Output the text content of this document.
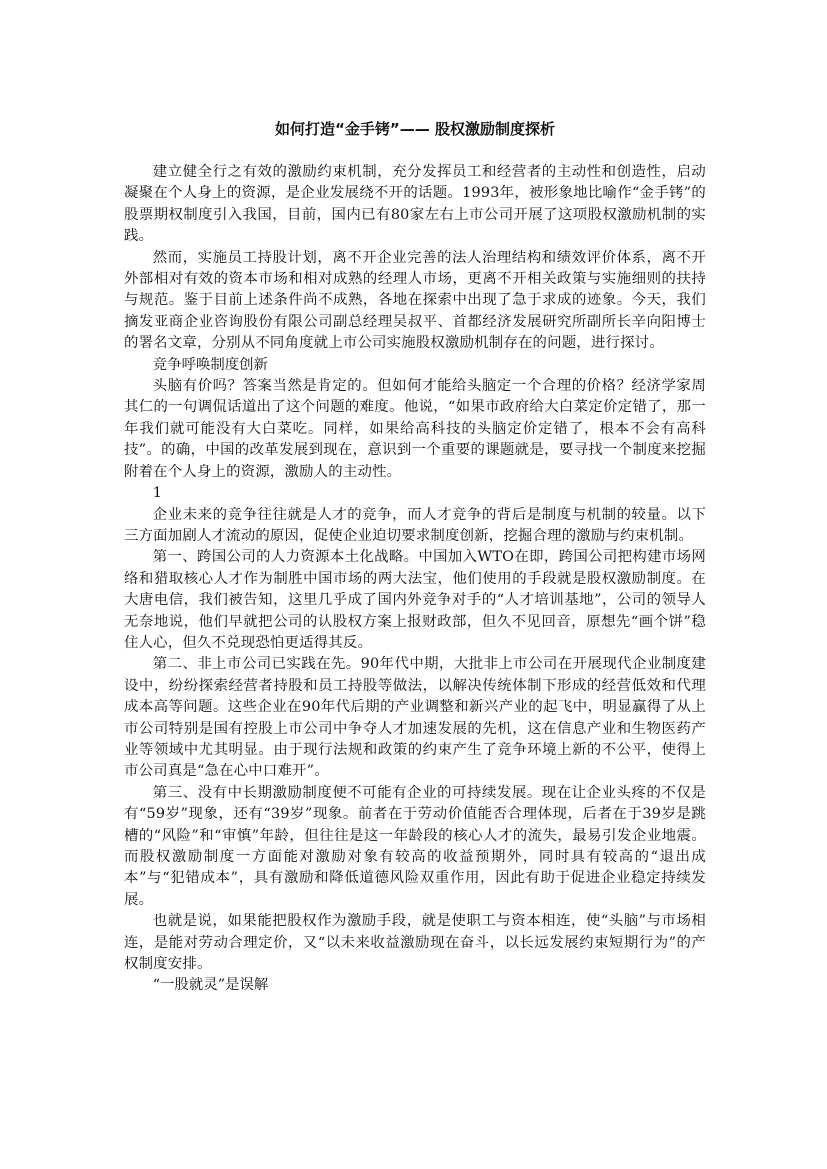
如何打造“金手铐”—— 股权激励制度探析

建立健全行之有效的激励约束机制，充分发挥员工和经营者的主动性和创造性，启动凝聚在个人身上的资源，是企业发展绕不开的话题。1993年，被形象地比喻作“金手铐”的股票期权制度引入我国，目前，国内已有80家左右上市公司开展了这项股权激励机制的实践。

然而，实施员工持股计划，离不开企业完善的法人治理结构和绩效评价体系，离不开外部相对有效的资本市场和相对成熟的经理人市场，更离不开相关政策与实施细则的扶持与规范。鉴于目前上述条件尚不成熟，各地在探索中出现了急于求成的迹象。今天，我们摘发亚商企业咨询股份有限公司副总经理吴叔平、首都经济发展研究所副所长辛向阳博士的署名文章，分别从不同角度就上市公司实施股权激励机制存在的问题，进行探讨。

竞争呼唤制度创新

头脑有价吗？答案当然是肯定的。但如何才能给头脑定一个合理的价格？经济学家周其仁的一句调侃话道出了这个问题的难度。他说，“如果市政府给大白菜定价定错了，那一年我们就可能没有大白菜吃。同样，如果给高科技的头脑定价定错了，根本不会有高科技”。的确，中国的改革发展到现在，意识到一个重要的课题就是，要寻找一个制度来挖掘附着在个人身上的资源，激励人的主动性。

1

企业未来的竞争往往就是人才的竞争，而人才竞争的背后是制度与机制的较量。以下三方面加剧人才流动的原因，促使企业迫切要求制度创新，挖掘合理的激励与约束机制。

第一、跨国公司的人力资源本土化战略。中国加入WTO在即，跨国公司把构建市场网络和猎取核心人才作为制胜中国市场的两大法宝，他们使用的手段就是股权激励制度。在大唐电信，我们被告知，这里几乎成了国内外竞争对手的“人才培训基地”，公司的领导人无奈地说，他们早就把公司的认股权方案上报财政部，但久不见回音，原想先“画个饼”稳住人心，但久不兑现恐怕更适得其反。

第二、非上市公司已实践在先。90年代中期，大批非上市公司在开展现代企业制度建设中，纷纷探索经营者持股和员工持股等做法，以解决传统体制下形成的经营低效和代理成本高等问题。这些企业在90年代后期的产业调整和新兴产业的起飞中，明显赢得了从上市公司特别是国有控股上市公司中争夺人才加速发展的先机，这在信息产业和生物医药产业等领域中尤其明显。由于现行法规和政策的约束产生了竞争环境上新的不公平，使得上市公司真是“急在心中口难开”。

第三、没有中长期激励制度便不可能有企业的可持续发展。现在让企业头疼的不仅是有“59岁”现象，还有“39岁”现象。前者在于劳动价值能否合理体现，后者在于39岁是跳槽的“风险”和“审慎”年龄，但往往是这一年龄段的核心人才的流失，最易引发企业地震。而股权激励制度一方面能对激励对象有较高的收益预期外，同时具有较高的“退出成本”与“犯错成本”，具有激励和降低道德风险双重作用，因此有助于促进企业稳定持续发展。

也就是说，如果能把股权作为激励手段，就是使职工与资本相连，使“头脑”与市场相连，是能对劳动合理定价，又“以未来收益激励现在奋斗，以长远发展约束短期行为”的产权制度安排。

“一股就灵”是误解
